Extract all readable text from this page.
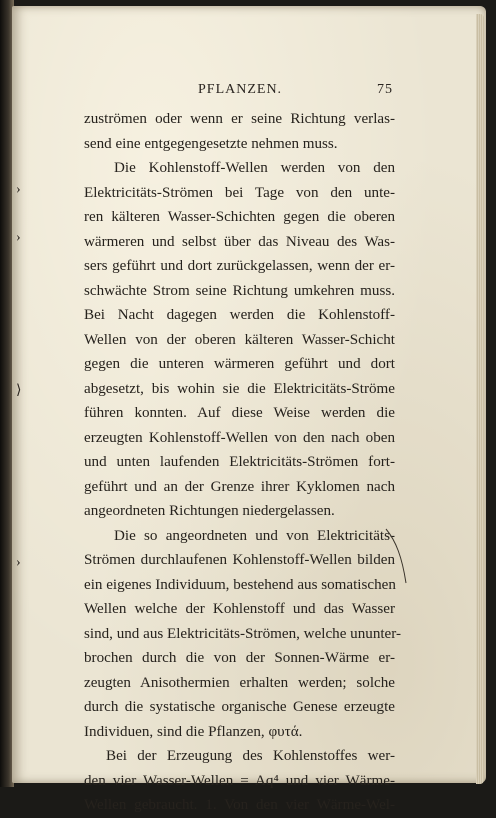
PFLANZEN.	75
zuströmen oder wenn er seine Richtung verlas-
send eine entgegengesetzte nehmen muss.
Die Kohlenstoff-Wellen werden von den
Elektricitäts-Strömen bei Tage von den unte-
ren kälteren Wasser-Schichten gegen die oberen
wärmeren und selbst über das Niveau des Was-
sers geführt und dort zurückgelassen, wenn der er-
schwächte Strom seine Richtung umkehren muss.
Bei Nacht dagegen werden die Kohlenstoff-
Wellen von der oberen kälteren Wasser-Schicht
gegen die unteren wärmeren geführt und dort
abgesetzt, bis wohin sie die Elektricitäts-Ströme
führen konnten. Auf diese Weise werden die
erzeugten Kohlenstoff-Wellen von den nach oben
und unten laufenden Elektricitäts-Strömen fort-
geführt und an der Grenze ihrer Kyklomen nach
angeordneten Richtungen niedergelassen.
Die so angeordneten und von Elektricitäts-
Strömen durchlaufenen Kohlenstoff-Wellen bilden
ein eigenes Individuum, bestehend aus somatischen
Wellen welche der Kohlenstoff und das Wasser
sind, und aus Elektricitäts-Strömen, welche ununter-
brochen durch die von der Sonnen-Wärme er-
zeugten Anisothermien erhalten werden; solche
durch die systatische organische Genese erzeugte
Individuen, sind die Pflanzen, φυτά.
Bei der Erzeugung des Kohlenstoffes wer-
den vier Wasser-Wellen = Aq⁴ und vier Wärme-
Wellen gebraucht. 1. Von den vier Wärme-Wel-
›
›
⟩
›
